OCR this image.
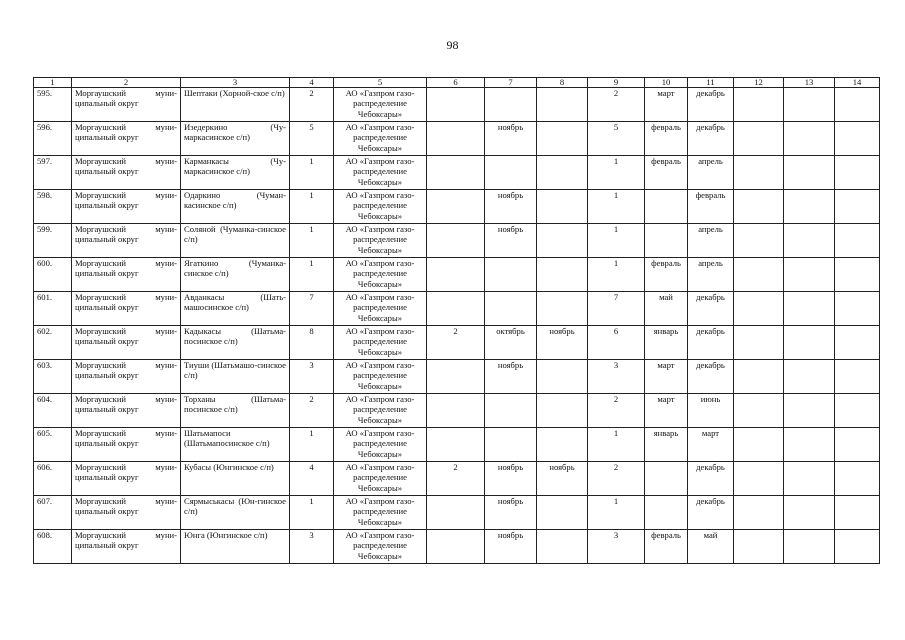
98
1	2	3	4	5	6	7	8	9	10	11	12	13	14
595.	Моргаушский муни-ципальный округ	Шептаки (Хорной-ское с/п)	2	АО «Газпром газо-распределение Чебоксары»				2	март	декабрь			
596.	Моргаушский муни-ципальный округ	Изедеркино (Чу-маркасинское с/п)	5	АО «Газпром газо-распределение Чебоксары»		ноябрь		5	февраль	декабрь			
597.	Моргаушский муни-ципальный округ	Карманкасы (Чу-маркасинское с/п)	1	АО «Газпром газо-распределение Чебоксары»				1	февраль	апрель			
598.	Моргаушский муни-ципальный округ	Одаркино (Чуман-касинское с/п)	1	АО «Газпром газо-распределение Чебоксары»		ноябрь		1		февраль			
599.	Моргаушский муни-ципальный округ	Соляной (Чуманка-синское с/п)	1	АО «Газпром газо-распределение Чебоксары»		ноябрь		1		апрель			
600.	Моргаушский муни-ципальный округ	Ягаткино (Чуманка-синское с/п)	1	АО «Газпром газо-распределение Чебоксары»				1	февраль	апрель			
601.	Моргаушский муни-ципальный округ	Авданкасы (Шать-машосинское с/п)	7	АО «Газпром газо-распределение Чебоксары»				7	май	декабрь			
602.	Моргаушский муни-ципальный округ	Кадыкасы (Шатьма-посинское с/п)	8	АО «Газпром газо-распределение Чебоксары»	2	октябрь	ноябрь	6	январь	декабрь			
603.	Моргаушский муни-ципальный округ	Тиуши (Шатьмашо-синское с/п)	3	АО «Газпром газо-распределение Чебоксары»		ноябрь		3	март	декабрь			
604.	Моргаушский муни-ципальный округ	Торханы (Шатьма-посинское с/п)	2	АО «Газпром газо-распределение Чебоксары»				2	март	июнь			
605.	Моргаушский муни-ципальный округ	Шатьмапоси (Шатьмапосинское с/п)	1	АО «Газпром газо-распределение Чебоксары»				1	январь	март			
606.	Моргаушский муни-ципальный округ	Кубасы (Юнгинское с/п)	4	АО «Газпром газо-распределение Чебоксары»	2	ноябрь	ноябрь	2		декабрь			
607.	Моргаушский муни-ципальный округ	Сярмыськасы (Юн-гинское с/п)	1	АО «Газпром газо-распределение Чебоксары»		ноябрь		1		декабрь			
608.	Моргаушский муни-ципальный округ	Юнга (Юнгинское с/п)	3	АО «Газпром газо-распределение Чебоксары»		ноябрь		3	февраль	май			
